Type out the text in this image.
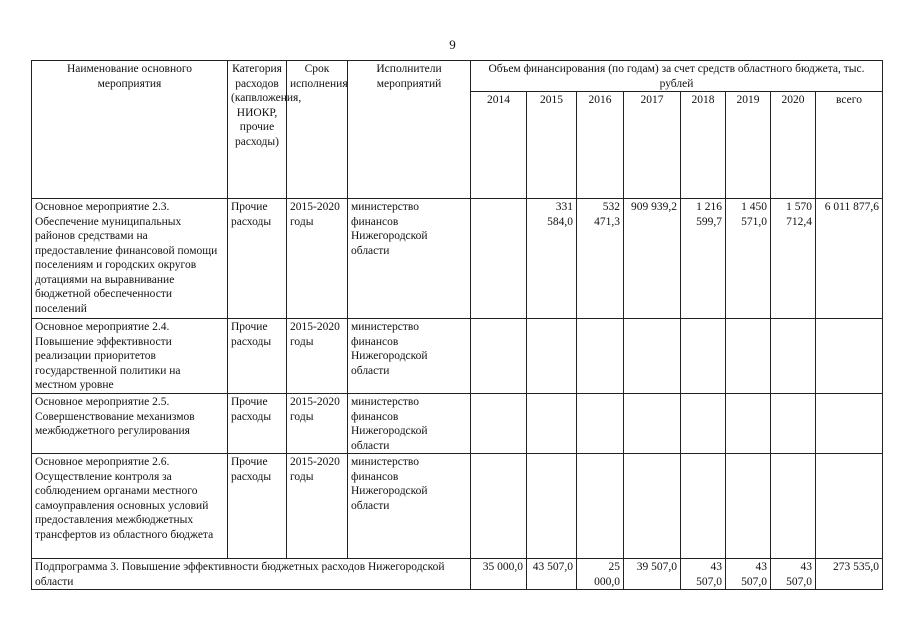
9
Наименование основного мероприятия	Категория расходов (капвложения, НИОКР, прочие расходы)	Срок исполнения	Исполнители мероприятий	Объем финансирования (по годам) за счет средств областного бюджета, тыс. рублей							
				2014	2015	2016	2017	2018	2019	2020	всего
Основное мероприятие 2.3. Обеспечение муниципальных районов средствами на предоставление финансовой помощи поселениям и городских округов дотациями на выравнивание бюджетной обеспеченности поселений	Прочие расходы	2015-2020 годы	министерство финансов Нижегородской области		331 584,0	532 471,3	909 939,2	1 216 599,7	1 450 571,0	1 570 712,4	6 011 877,6
Основное мероприятие 2.4. Повышение эффективности реализации приоритетов государственной политики на местном уровне	Прочие расходы	2015-2020 годы	министерство финансов Нижегородской области								
Основное мероприятие 2.5. Совершенствование механизмов межбюджетного регулирования	Прочие расходы	2015-2020 годы	министерство финансов Нижегородской области								
Основное мероприятие 2.6. Осуществление контроля за соблюдением органами местного самоуправления основных условий предоставления межбюджетных трансфертов из областного бюджета	Прочие расходы	2015-2020 годы	министерство финансов Нижегородской области								
Подпрограмма 3. Повышение эффективности бюджетных расходов Нижегородской области				35 000,0	43 507,0	25 000,0	39 507,0	43 507,0	43 507,0	43 507,0	273 535,0
